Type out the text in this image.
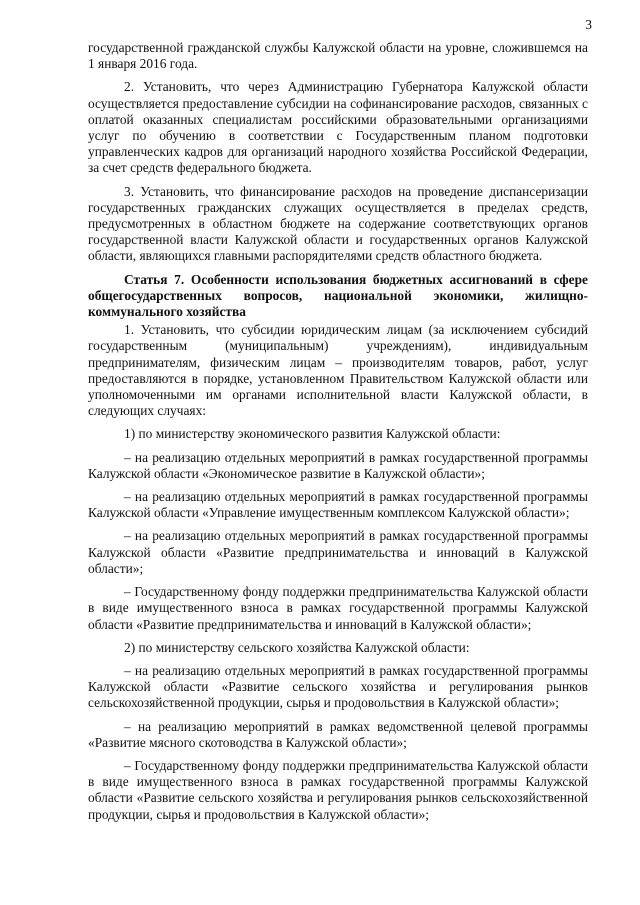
3

государственной гражданской службы Калужской области на уровне, сложившемся на 1 января 2016 года.

2. Установить, что через Администрацию Губернатора Калужской области осуществляется предоставление субсидии на софинансирование расходов, связанных с оплатой оказанных специалистам российскими образовательными организациями услуг по обучению в соответствии с Государственным планом подготовки управленческих кадров для организаций народного хозяйства Российской Федерации, за счет средств федерального бюджета.

3. Установить, что финансирование расходов на проведение диспансеризации государственных гражданских служащих осуществляется в пределах средств, предусмотренных в областном бюджете на содержание соответствующих органов государственной власти Калужской области и государственных органов Калужской области, являющихся главными распорядителями средств областного бюджета.

Статья 7. Особенности использования бюджетных ассигнований в сфере общегосударственных вопросов, национальной экономики, жилищно-коммунального хозяйства

1. Установить, что субсидии юридическим лицам (за исключением субсидий государственным (муниципальным) учреждениям), индивидуальным предпринимателям, физическим лицам – производителям товаров, работ, услуг предоставляются в порядке, установленном Правительством Калужской области или уполномоченными им органами исполнительной власти Калужской области, в следующих случаях:

1) по министерству экономического развития Калужской области:

– на реализацию отдельных мероприятий в рамках государственной программы Калужской области «Экономическое развитие в Калужской области»;

– на реализацию отдельных мероприятий в рамках государственной программы Калужской области «Управление имущественным комплексом Калужской области»;

– на реализацию отдельных мероприятий в рамках государственной программы Калужской области «Развитие предпринимательства и инноваций в Калужской области»;

– Государственному фонду поддержки предпринимательства Калужской области в виде имущественного взноса в рамках государственной программы Калужской области «Развитие предпринимательства и инноваций в Калужской области»;

2) по министерству сельского хозяйства Калужской области:

– на реализацию отдельных мероприятий в рамках государственной программы Калужской области «Развитие сельского хозяйства и регулирования рынков сельскохозяйственной продукции, сырья и продовольствия в Калужской области»;

– на реализацию мероприятий в рамках ведомственной целевой программы «Развитие мясного скотоводства в Калужской области»;

– Государственному фонду поддержки предпринимательства Калужской области в виде имущественного взноса в рамках государственной программы Калужской области «Развитие сельского хозяйства и регулирования рынков сельскохозяйственной продукции, сырья и продовольствия в Калужской области»;
